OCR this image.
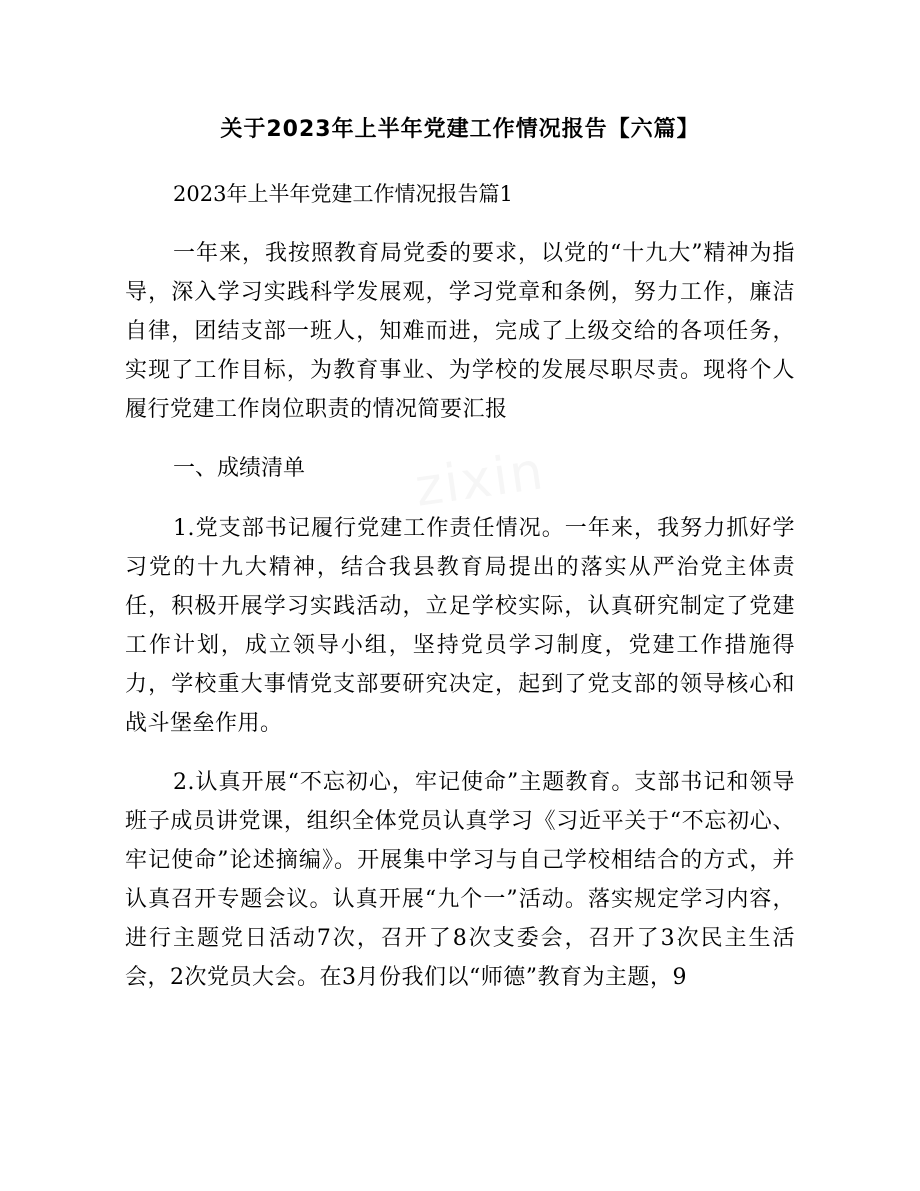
关于2023年上半年党建工作情况报告【六篇】

2023年上半年党建工作情况报告篇1

一年来，我按照教育局党委的要求，以党的“十九大”精神为指导，深入学习实践科学发展观，学习党章和条例，努力工作，廉洁自律，团结支部一班人，知难而进，完成了上级交给的各项任务，实现了工作目标，为教育事业、为学校的发展尽职尽责。现将个人履行党建工作岗位职责的情况简要汇报

一、成绩清单

1.党支部书记履行党建工作责任情况。一年来，我努力抓好学习党的十九大精神，结合我县教育局提出的落实从严治党主体责任，积极开展学习实践活动，立足学校实际，认真研究制定了党建工作计划，成立领导小组，坚持党员学习制度，党建工作措施得力，学校重大事情党支部要研究决定，起到了党支部的领导核心和战斗堡垒作用。

2.认真开展“不忘初心，牢记使命”主题教育。支部书记和领导班子成员讲党课，组织全体党员认真学习《习近平关于“不忘初心、牢记使命”论述摘编》。开展集中学习与自己学校相结合的方式，并认真召开专题会议。认真开展“九个一”活动。落实规定学习内容，进行主题党日活动7次，召开了8次支委会，召开了3次民主生活会，2次党员大会。在3月份我们以“师德”教育为主题，9
